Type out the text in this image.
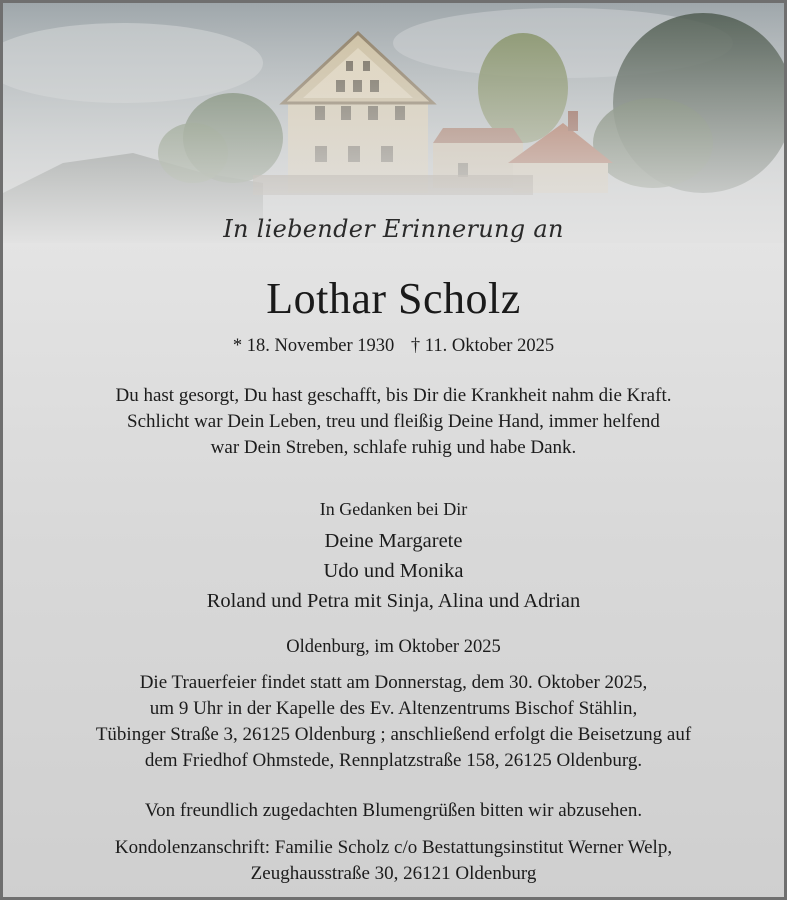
In liebender Erinnerung an
Lothar Scholz
* 18. November 1930 † 11. Oktober 2025
Du hast gesorgt, Du hast geschafft, bis Dir die Krankheit nahm die Kraft.
Schlicht war Dein Leben, treu und fleißig Deine Hand, immer helfend
war Dein Streben, schlafe ruhig und habe Dank.
In Gedanken bei Dir
Deine Margarete
Udo und Monika
Roland und Petra mit Sinja, Alina und Adrian
Oldenburg, im Oktober 2025
Die Trauerfeier findet statt am Donnerstag, dem 30. Oktober 2025,
um 9 Uhr in der Kapelle des Ev. Altenzentrums Bischof Stählin,
Tübinger Straße 3, 26125 Oldenburg ; anschließend erfolgt die Beisetzung auf
dem Friedhof Ohmstede, Rennplatzstraße 158, 26125 Oldenburg.
Von freundlich zugedachten Blumengrüßen bitten wir abzusehen.
Kondolenzanschrift: Familie Scholz c/o Bestattungsinstitut Werner Welp,
Zeughausstraße 30, 26121 Oldenburg
